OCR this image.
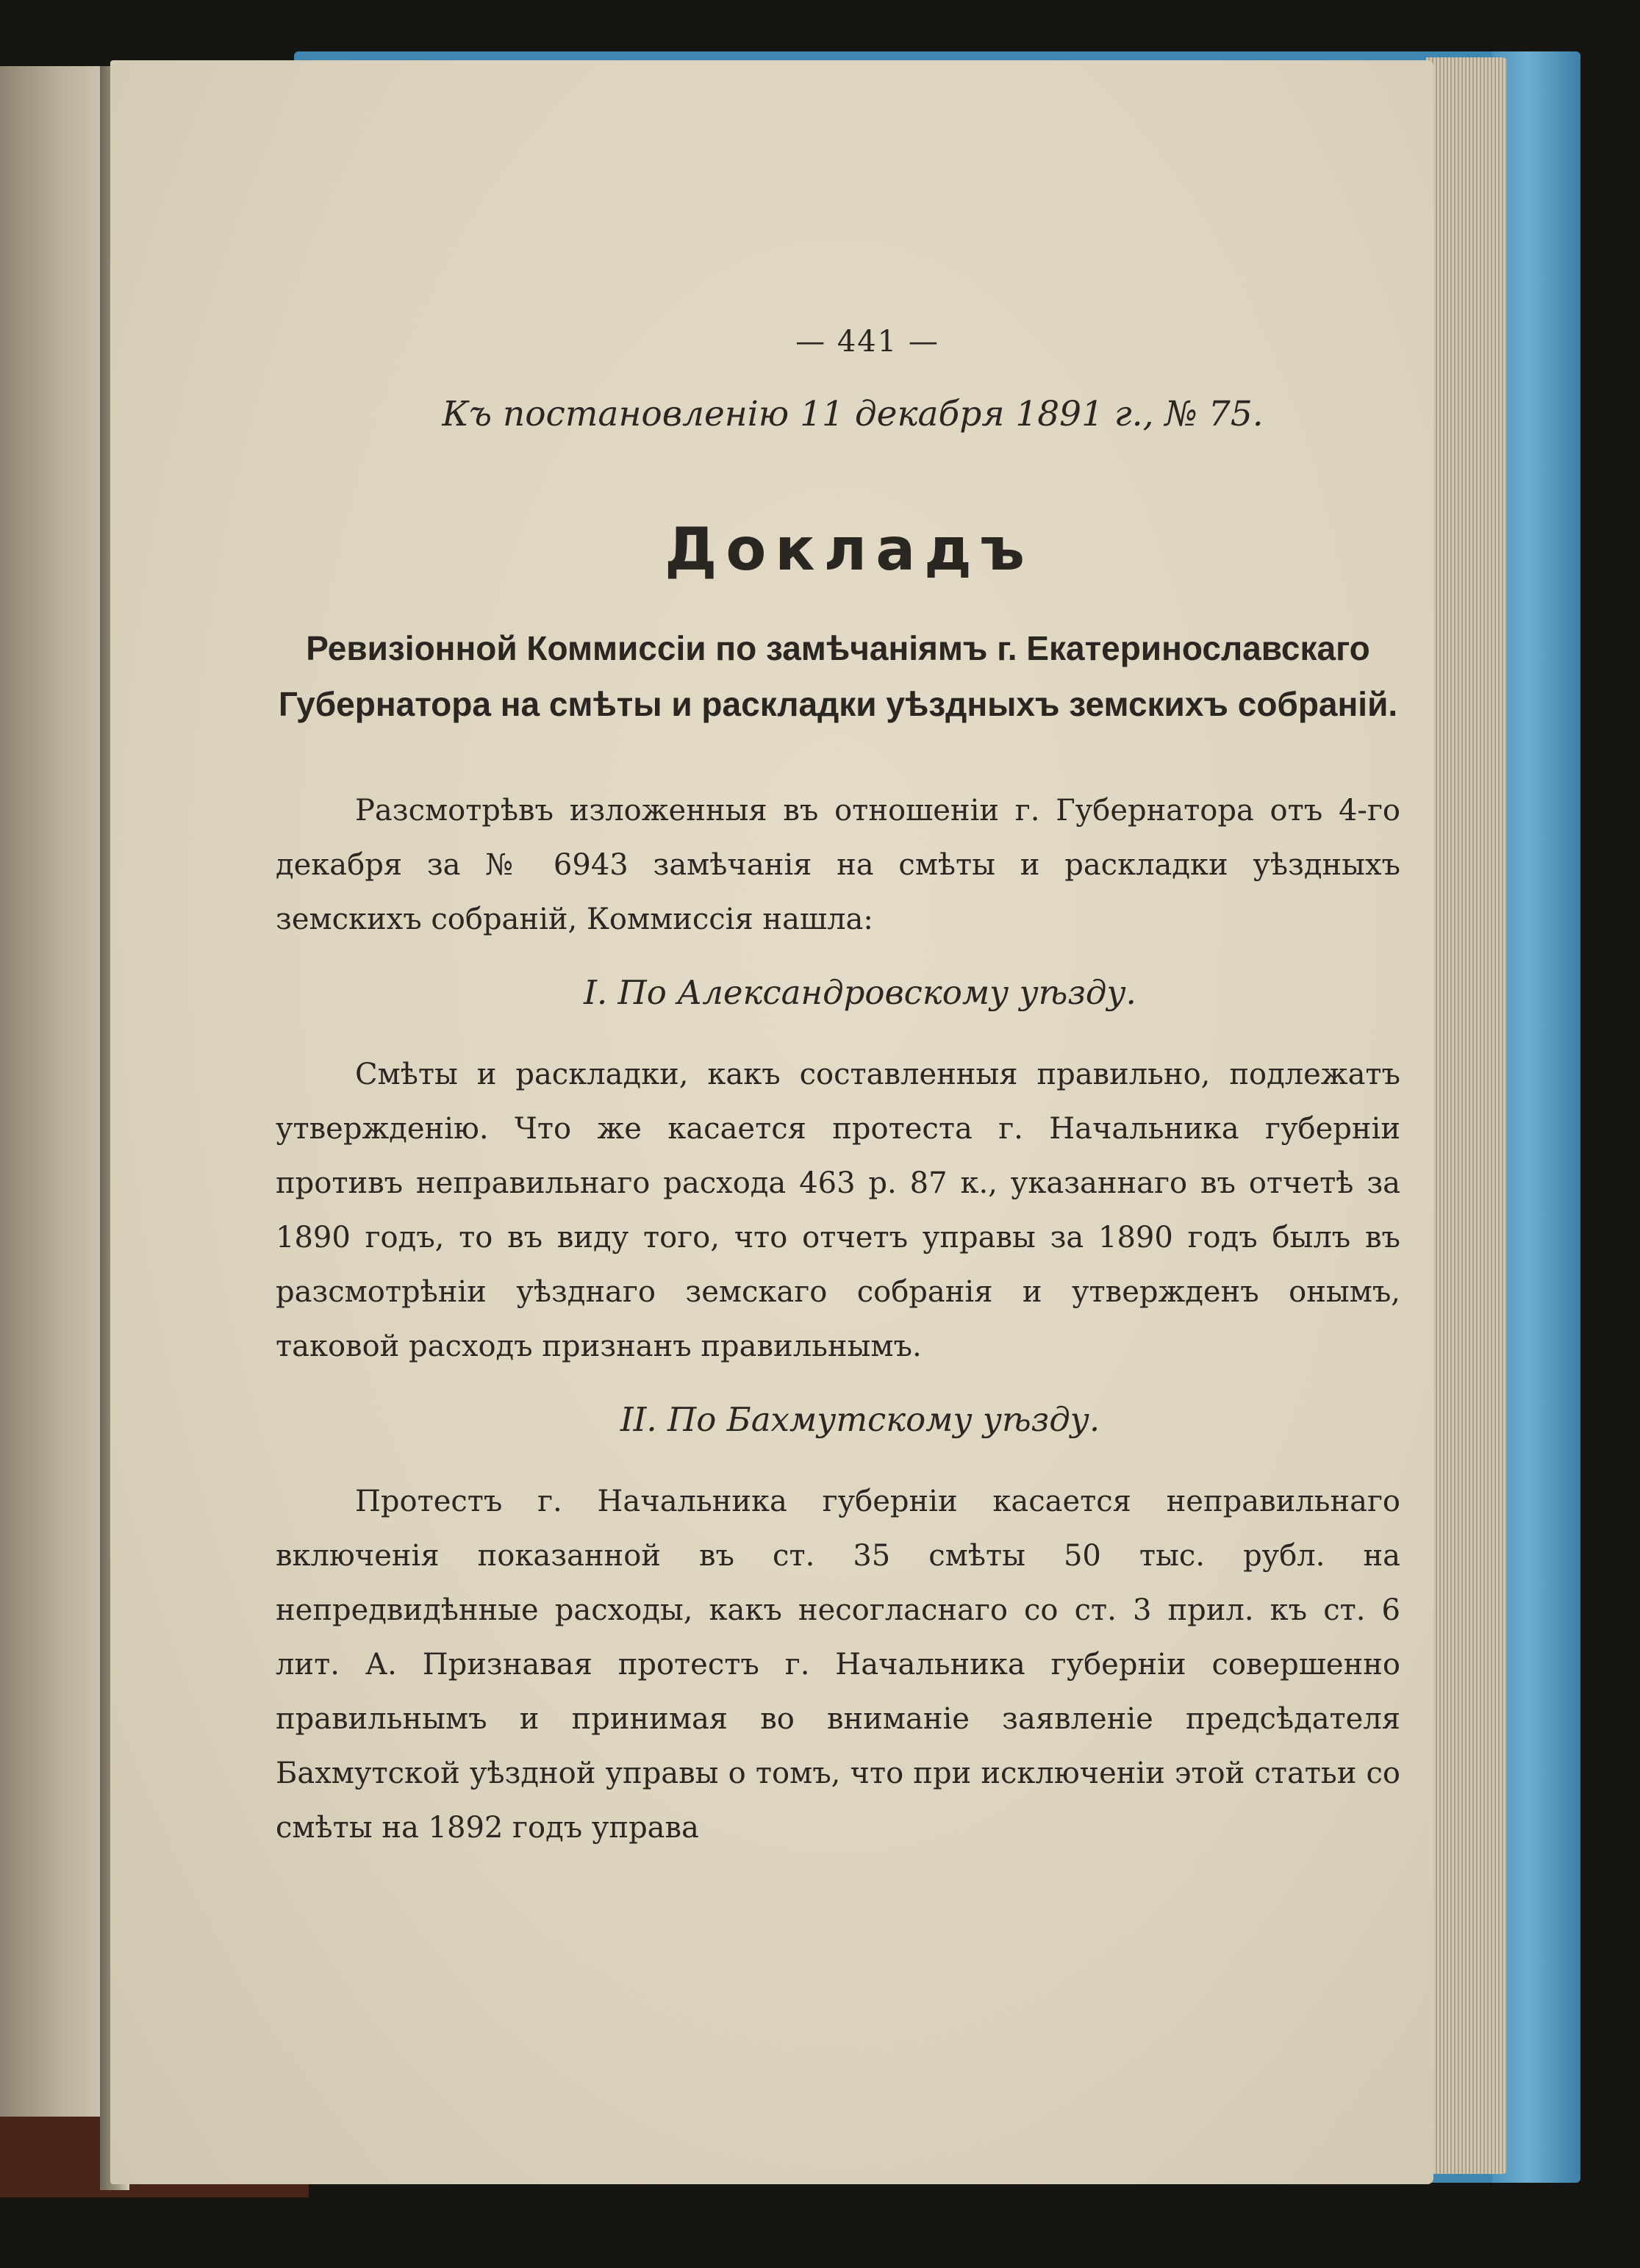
— 441 —
Къ постановленію 11 декабря 1891 г., № 75.
Докладъ
Ревизіонной Коммиссіи по замѣчаніямъ г. Екатеринославскаго Губернатора на смѣты и раскладки уѣздныхъ земскихъ собраній.

Разсмотрѣвъ изложенныя въ отношеніи г. Губернатора отъ 4-го декабря за № 6943 замѣчанія на смѣты и раскладки уѣздныхъ земскихъ собраній, Коммиссія нашла:

I. По Александровскому уѣзду.

Смѣты и раскладки, какъ составленныя правильно, подлежатъ утвержденію. Что же касается протеста г. Начальника губерніи противъ неправильнаго расхода 463 р. 87 к., указаннаго въ отчетѣ за 1890 годъ, то въ виду того, что отчетъ управы за 1890 годъ былъ въ разсмотрѣніи уѣзднаго земскаго собранія и утвержденъ онымъ, таковой расходъ признанъ правильнымъ.

II. По Бахмутскому уѣзду.

Протестъ г. Начальника губерніи касается неправильнаго включенія показанной въ ст. 35 смѣты 50 тыс. рубл. на непредвидѣнные расходы, какъ несогласнаго со ст. 3 прил. къ ст. 6 лит. А. Признавая протестъ г. Начальника губерніи совершенно правильнымъ и принимая во вниманіе заявленіе предсѣдателя Бахмутской уѣздной управы о томъ, что при исключеніи этой статьи со смѣты на 1892 годъ управа
